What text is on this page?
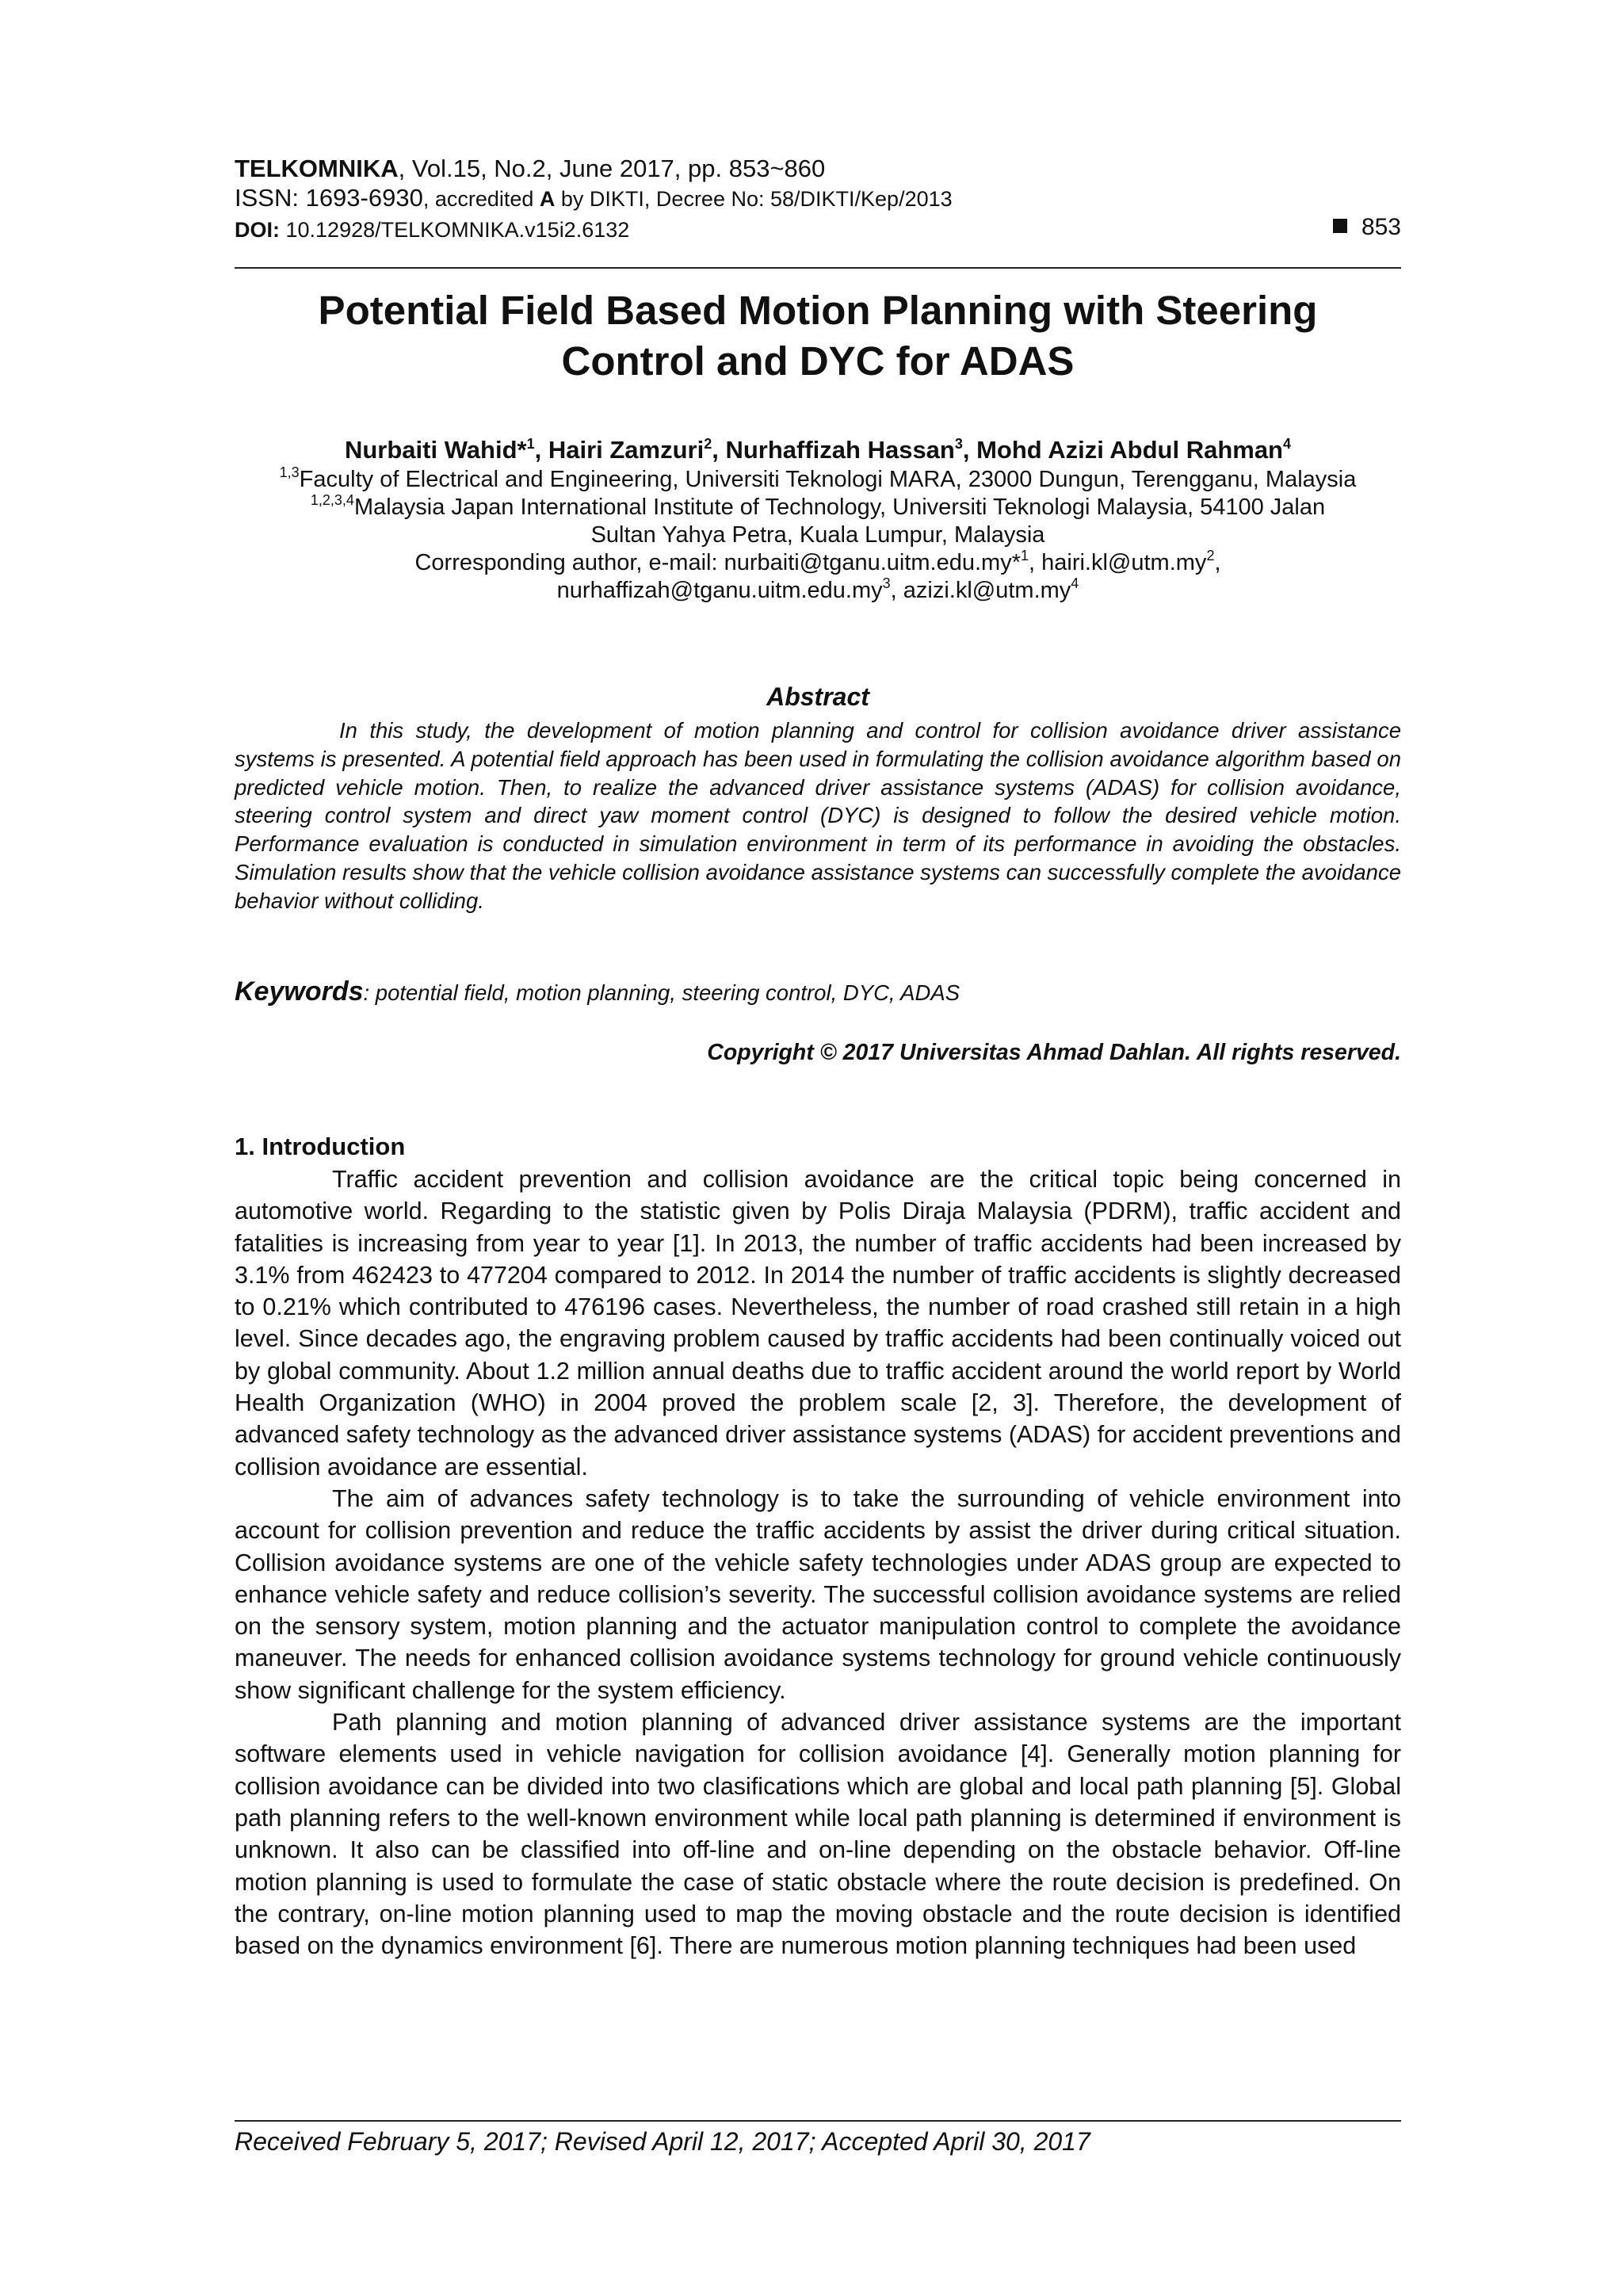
TELKOMNIKA, Vol.15, No.2, June 2017, pp. 853~860
ISSN: 1693-6930, accredited A by DIKTI, Decree No: 58/DIKTI/Kep/2013
DOI: 10.12928/TELKOMNIKA.v15i2.6132	853
Potential Field Based Motion Planning with Steering
Control and DYC for ADAS
Nurbaiti Wahid*$^1$, Hairi Zamzuri$^2$, Nurhaffizah Hassan$^3$, Mohd Azizi Abdul Rahman$^4$
$^{1,3}$Faculty of Electrical and Engineering, Universiti Teknologi MARA, 23000 Dungun, Terengganu, Malaysia
$^{1,2,3,4}$Malaysia Japan International Institute of Technology, Universiti Teknologi Malaysia, 54100 Jalan
Sultan Yahya Petra, Kuala Lumpur, Malaysia
Corresponding author, e-mail: nurbaiti@tganu.uitm.edu.my*$^1$, $hairi.kl@utm.my^2$,
$nurhaffizah@tganu.uitm.edu.my^3$, $azizi.kl@utm.my^4$
Abstract
In this study, the development of motion planning and control for collision avoidance driver assistance systems is presented. A potential field approach has been used in formulating the collision avoidance algorithm based on predicted vehicle motion. Then, to realize the advanced driver assistance systems (ADAS) for collision avoidance, steering control system and direct yaw moment control (DYC) is designed to follow the desired vehicle motion. Performance evaluation is conducted in simulation environment in term of its performance in avoiding the obstacles. Simulation results show that the vehicle collision avoidance assistance systems can successfully complete the avoidance behavior without colliding.
Keywords: potential field, motion planning, steering control, DYC, ADAS
Copyright © 2017 Universitas Ahmad Dahlan. All rights reserved.
1. Introduction

Traffic accident prevention and collision avoidance are the critical topic being concerned in automotive world. Regarding to the statistic given by Polis Diraja Malaysia (PDRM), traffic accident and fatalities is increasing from year to year [1]. In 2013, the number of traffic accidents had been increased by 3.1% from 462423 to 477204 compared to 2012. In 2014 the number of traffic accidents is slightly decreased to 0.21% which contributed to 476196 cases. Nevertheless, the number of road crashed still retain in a high level. Since decades ago, the engraving problem caused by traffic accidents had been continually voiced out by global community. About 1.2 million annual deaths due to traffic accident around the world report by World Health Organization (WHO) in 2004 proved the problem scale [2, 3]. Therefore, the development of advanced safety technology as the advanced driver assistance systems (ADAS) for accident preventions and collision avoidance are essential.

The aim of advances safety technology is to take the surrounding of vehicle environment into account for collision prevention and reduce the traffic accidents by assist the driver during critical situation. Collision avoidance systems are one of the vehicle safety technologies under ADAS group are expected to enhance vehicle safety and reduce collision’s severity. The successful collision avoidance systems are relied on the sensory system, motion planning and the actuator manipulation control to complete the avoidance maneuver. The needs for enhanced collision avoidance systems technology for ground vehicle continuously show significant challenge for the system efficiency.

Path planning and motion planning of advanced driver assistance systems are the important software elements used in vehicle navigation for collision avoidance [4]. Generally motion planning for collision avoidance can be divided into two clasifications which are global and local path planning [5]. Global path planning refers to the well-known environment while local path planning is determined if environment is unknown. It also can be classified into off-line and on-line depending on the obstacle behavior. Off-line motion planning is used to formulate the case of static obstacle where the route decision is predefined. On the contrary, on-line motion planning used to map the moving obstacle and the route decision is identified based on the dynamics environment [6]. There are numerous motion planning techniques had been used

Received February 5, 2017; Revised April 12, 2017; Accepted April 30, 2017
